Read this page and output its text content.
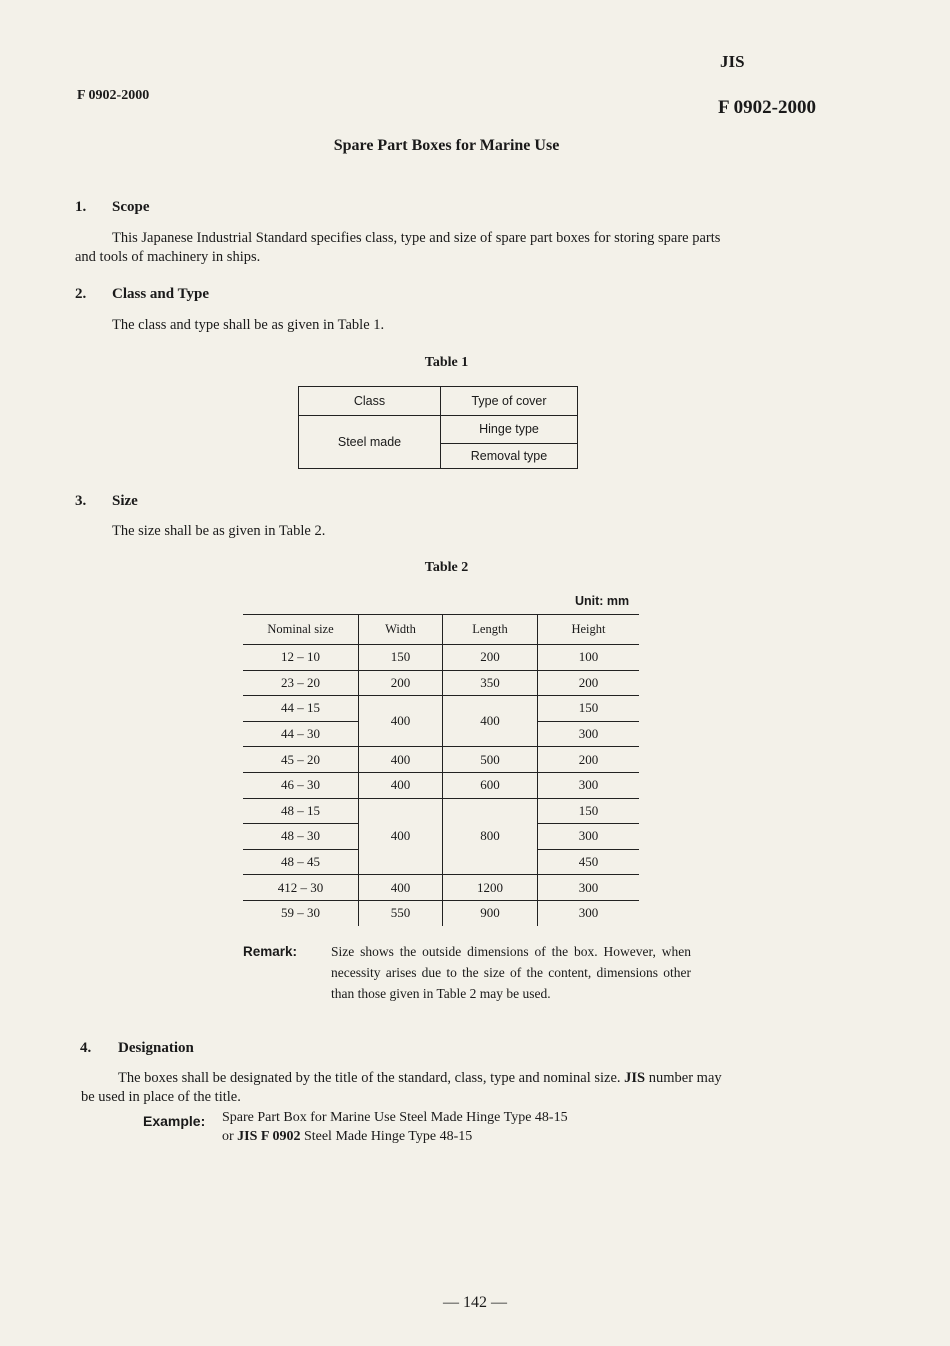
F 0902-2000
JIS
F 0902-2000
Spare Part Boxes for Marine Use
1. Scope
This Japanese Industrial Standard specifies class, type and size of spare part boxes for storing spare parts
and tools of machinery in ships.
2. Class and Type
The class and type shall be as given in Table 1.
Table 1
Class	Type of cover
Steel made	Hinge type
	Removal type
3. Size
The size shall be as given in Table 2.
Table 2
Unit: mm
Nominal size	Width	Length	Height
12 – 10	150	200	100
23 – 20	200	350	200
44 – 15	400	400	150
44 – 30			300
45 – 20	400	500	200
46 – 30	400	600	300
48 – 15	400	800	150
48 – 30			300
48 – 45			450
412 – 30	400	1200	300
59 – 30	550	900	300
Remark:	Size shows the outside dimensions of the box. However, when necessity arises due to the size of the content, dimensions other than those given in Table 2 may be used.
4. Designation
The boxes shall be designated by the title of the standard, class, type and nominal size. JIS number may
be used in place of the title.
Example: Spare Part Box for Marine Use Steel Made Hinge Type 48-15
or JIS F 0902 Steel Made Hinge Type 48-15
— 142 —
